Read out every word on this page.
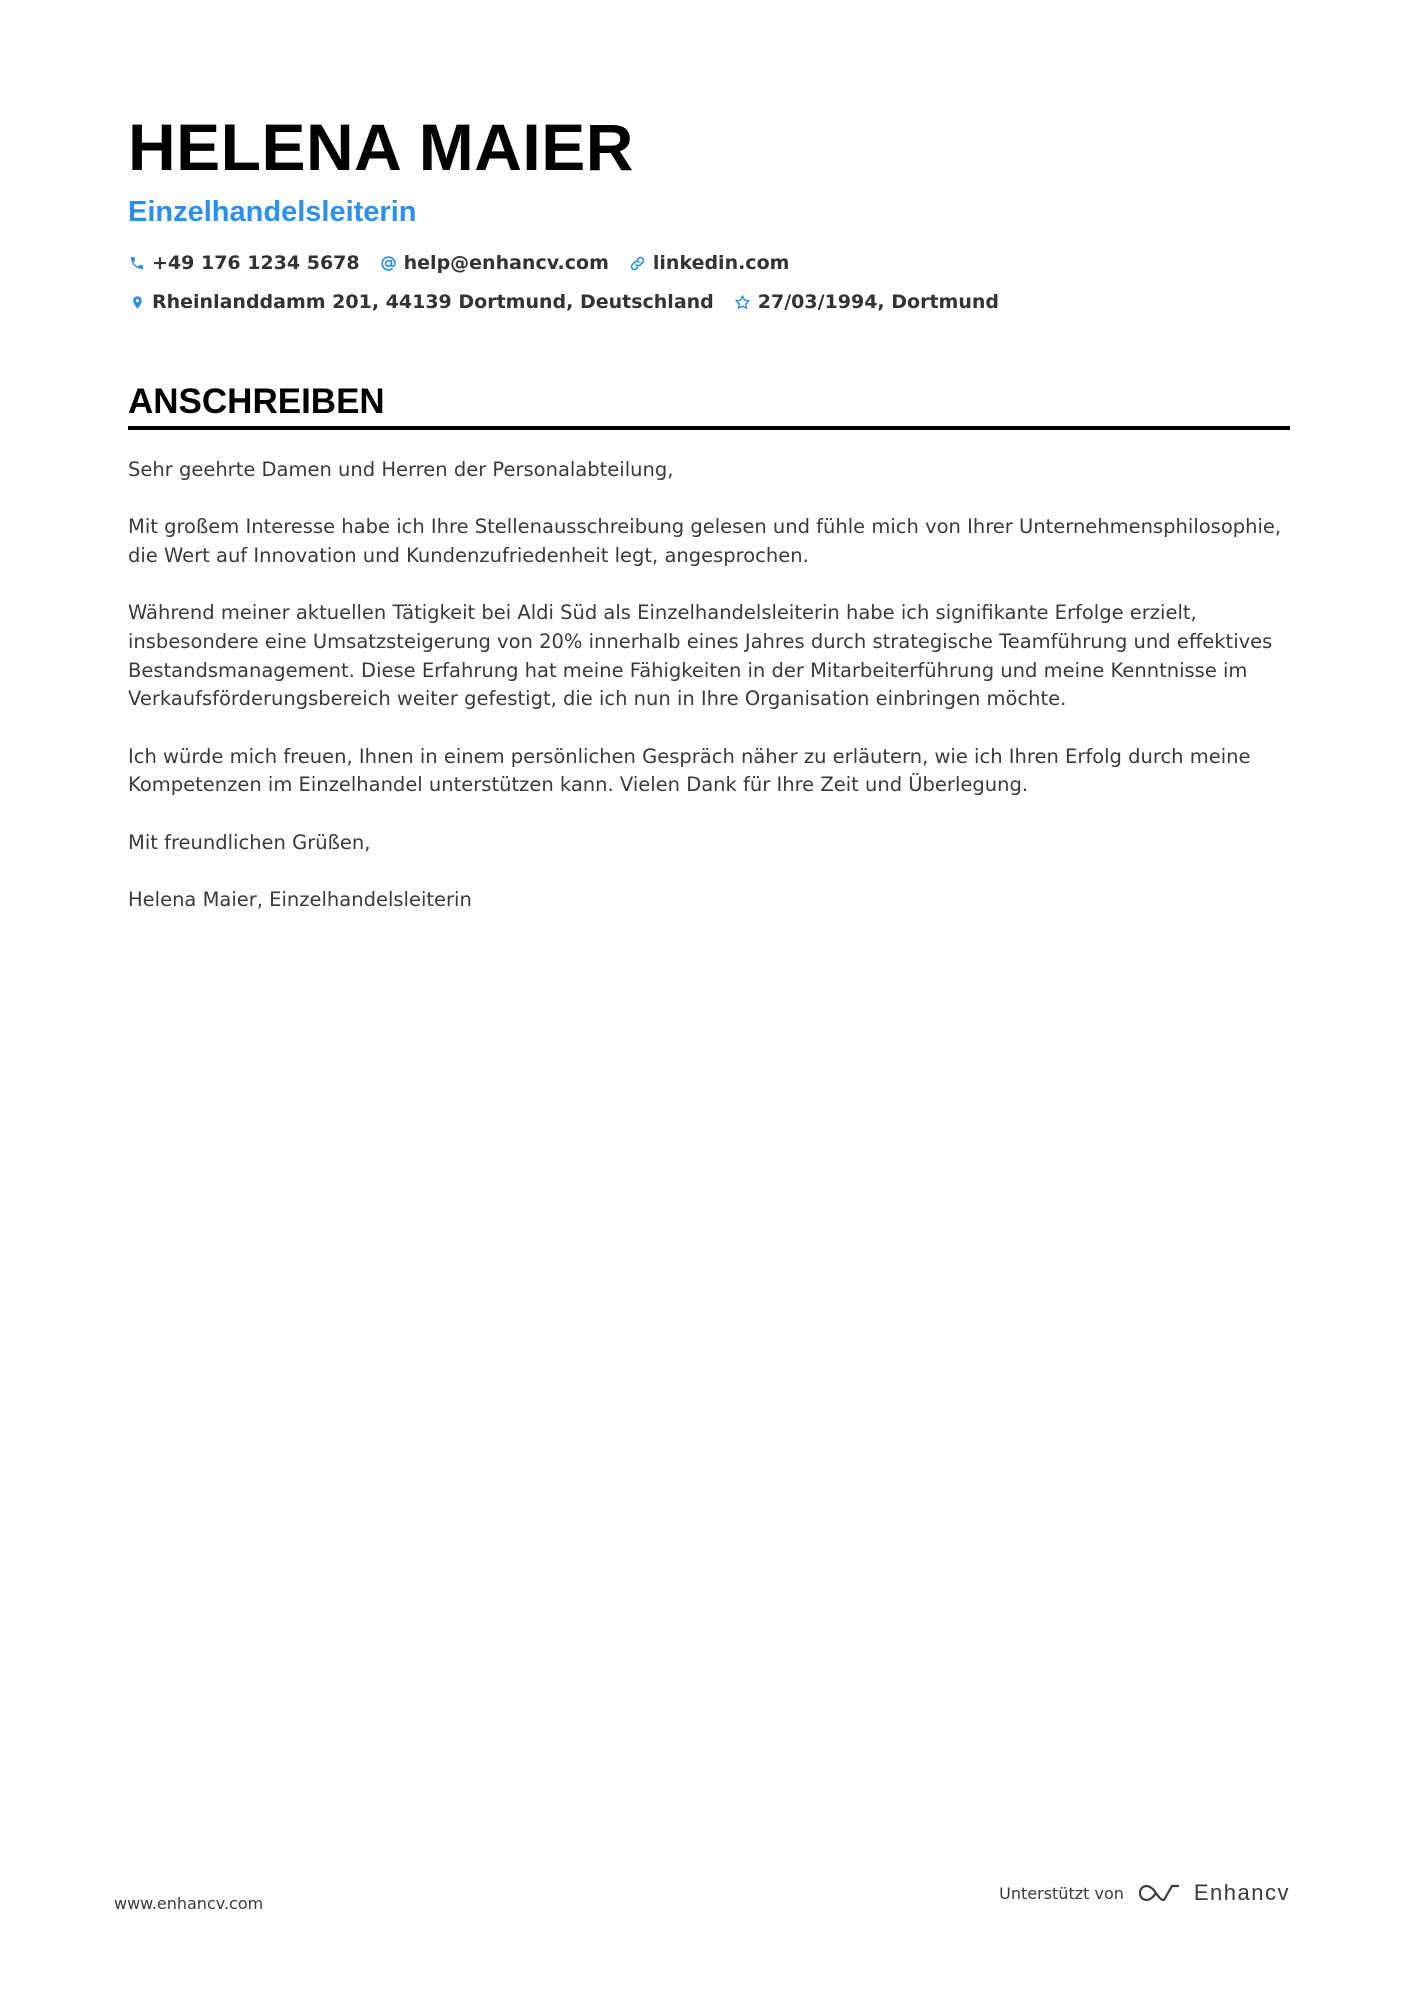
HELENA MAIER
Einzelhandelsleiterin
+49 176 1234 5678 help@enhancv.com linkedin.com
Rheinlanddamm 201, 44139 Dortmund, Deutschland 27/03/1994, Dortmund
ANSCHREIBEN

Sehr geehrte Damen und Herren der Personalabteilung,

Mit großem Interesse habe ich Ihre Stellenausschreibung gelesen und fühle mich von Ihrer Unternehmensphilosophie, die Wert auf Innovation und Kundenzufriedenheit legt, angesprochen.

Während meiner aktuellen Tätigkeit bei Aldi Süd als Einzelhandelsleiterin habe ich signifikante Erfolge erzielt, insbesondere eine Umsatzsteigerung von 20% innerhalb eines Jahres durch strategische Teamführung und effektives Bestandsmanagement. Diese Erfahrung hat meine Fähigkeiten in der Mitarbeiterführung und meine Kenntnisse im Verkaufsförderungsbereich weiter gefestigt, die ich nun in Ihre Organisation einbringen möchte.

Ich würde mich freuen, Ihnen in einem persönlichen Gespräch näher zu erläutern, wie ich Ihren Erfolg durch meine Kompetenzen im Einzelhandel unterstützen kann. Vielen Dank für Ihre Zeit und Überlegung.

Mit freundlichen Grüßen,

Helena Maier, Einzelhandelsleiterin

www.enhancv.com
Unterstützt von	Enhancv
